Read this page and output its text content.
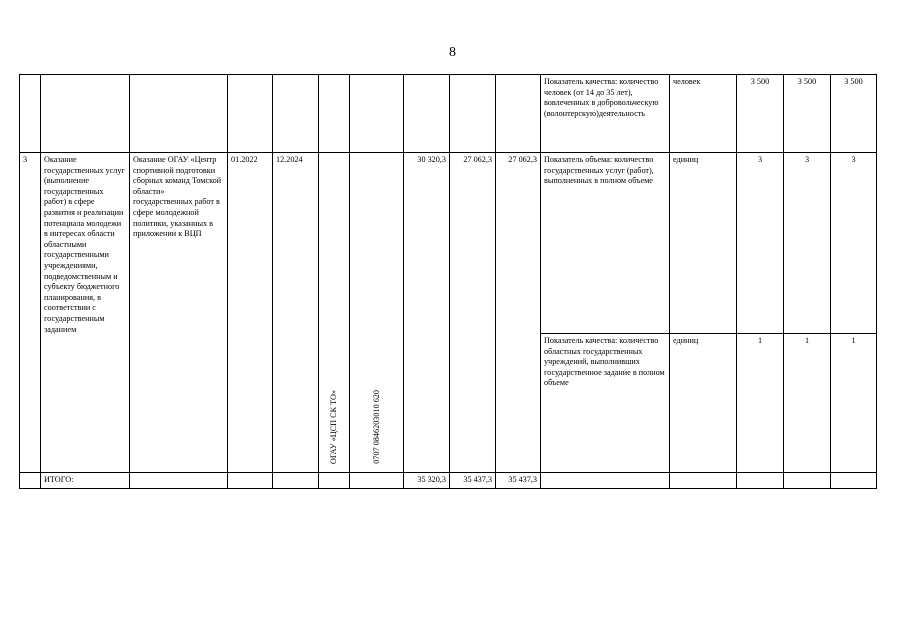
8
										Показатель качества: количество человек (от 14 до 35 лет), вовлеченных в добровольческую (волонтерскую)деятельность	человек	3 500	3 500	3 500
3	Оказание государственных услуг (выполнение государственных работ) в сфере развития и реализации потенциала молодежи в интересах области областными государственными учреждениями, подведомственным и субъекту бюджетного планирования, в соответствии с государственным заданием	Оказание ОГАУ «Центр спортивной подготовки сборных команд Томской области» государственных работ в сфере молодежной политики, указанных в приложении к ВЦП	01.2022	12.2024	ОГАУ «ЦСП СК ТО»	0707 0846203010 620	30 320,3	27 062,3	27 062,3	Показатель объема: количество государственных услуг (работ), выполненных в полном объеме	единиц	3	3	3
										Показатель качества: количество областных государственных учреждений, выполнивших государственное задание в полном объеме	единиц	1	1	1
	ИТОГО:						35 320,3	35 437,3	35 437,3					
